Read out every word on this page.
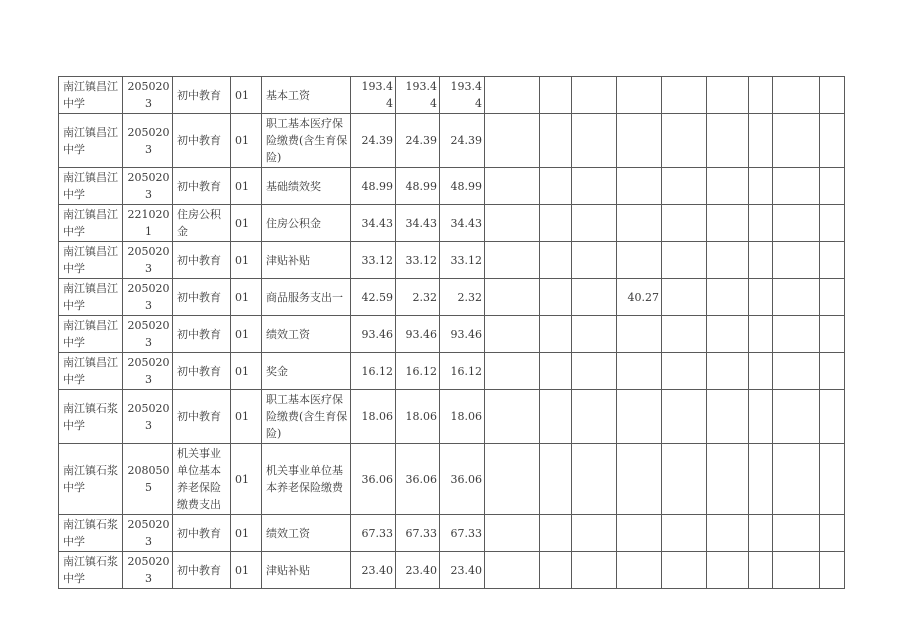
南江镇昌江中学	2050203	初中教育	01	基本工资	193.44	193.44	193.44									
南江镇昌江中学	2050203	初中教育	01	职工基本医疗保险缴费(含生育保险)	24.39	24.39	24.39									
南江镇昌江中学	2050203	初中教育	01	基础绩效奖	48.99	48.99	48.99									
南江镇昌江中学	2210201	住房公积金	01	住房公积金	34.43	34.43	34.43									
南江镇昌江中学	2050203	初中教育	01	津贴补贴	33.12	33.12	33.12									
南江镇昌江中学	2050203	初中教育	01	商品服务支出一	42.59	2.32	2.32				40.27					
南江镇昌江中学	2050203	初中教育	01	绩效工资	93.46	93.46	93.46									
南江镇昌江中学	2050203	初中教育	01	奖金	16.12	16.12	16.12									
南江镇石浆中学	2050203	初中教育	01	职工基本医疗保险缴费(含生育保险)	18.06	18.06	18.06									
南江镇石浆中学	2080505	机关事业单位基本养老保险缴费支出	01	机关事业单位基本养老保险缴费	36.06	36.06	36.06									
南江镇石浆中学	2050203	初中教育	01	绩效工资	67.33	67.33	67.33									
南江镇石浆中学	2050203	初中教育	01	津贴补贴	23.40	23.40	23.40									
